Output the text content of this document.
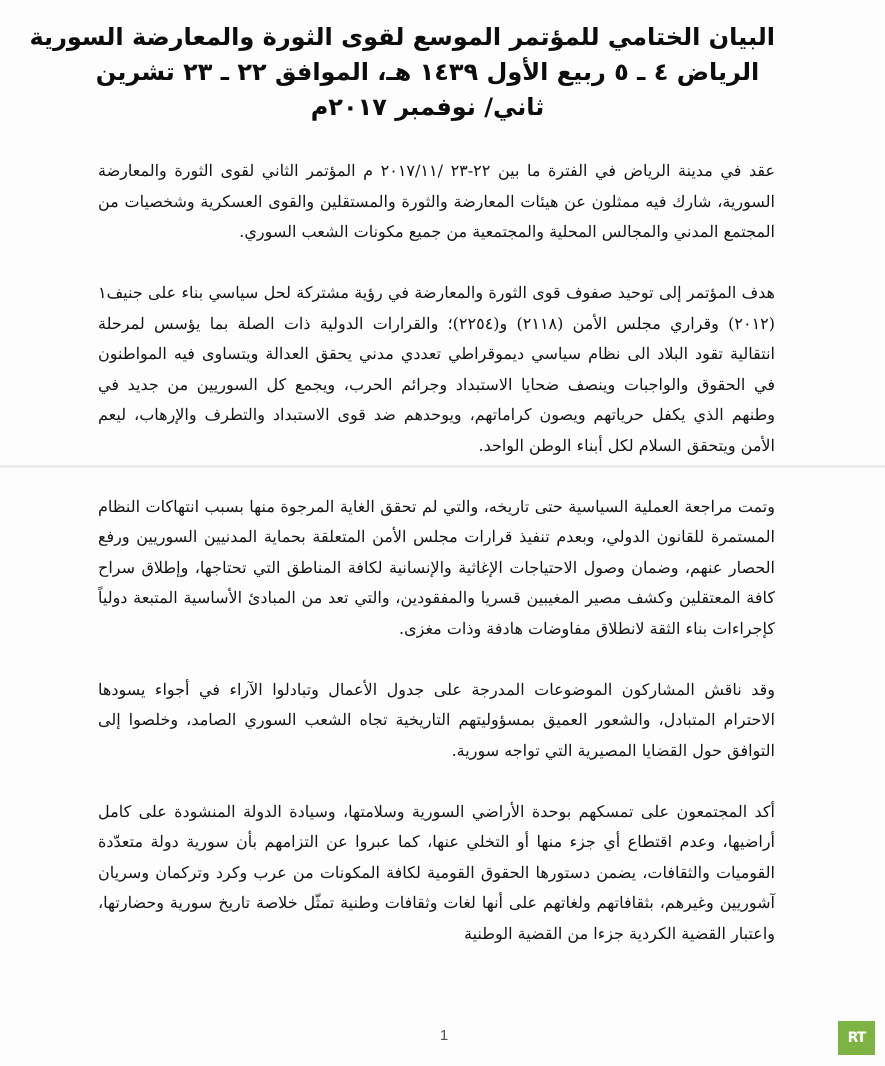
البيان الختامي للمؤتمر الموسع لقوى الثورة والمعارضة السورية
الرياض ٤ ـ ٥ ربيع الأول ١٤٣٩ هـ، الموافق ٢٢ ـ ٢٣ تشرين
ثاني/ نوفمبر ٢٠١٧م

عقد في مدينة الرياض في الفترة ما بين ٢٢-٢٣ /٢٠١٧/١١ م المؤتمر الثاني لقوى الثورة والمعارضة السورية، شارك فيه ممثلون عن هيئات المعارضة والثورة والمستقلين والقوى العسكرية وشخصيات من المجتمع المدني والمجالس المحلية والمجتمعية من جميع مكونات الشعب السوري.

هدف المؤتمر إلى توحيد صفوف قوى الثورة والمعارضة في رؤية مشتركة لحل سياسي بناء على جنيف١ (٢٠١٢) وقراري مجلس الأمن (٢١١٨) و(٢٢٥٤)؛ والقرارات الدولية ذات الصلة بما يؤسس لمرحلة انتقالية تقود البلاد الى نظام سياسي ديموقراطي تعددي مدني يحقق العدالة ويتساوى فيه المواطنون في الحقوق والواجبات وينصف ضحايا الاستبداد وجرائم الحرب، ويجمع كل السوريين من جديد في وطنهم الذي يكفل حرياتهم ويصون كراماتهم، ويوحدهم ضد قوى الاستبداد والتطرف والإرهاب، ليعم الأمن ويتحقق السلام لكل أبناء الوطن الواحد.

وتمت مراجعة العملية السياسية حتى تاريخه، والتي لم تحقق الغاية المرجوة منها بسبب انتهاكات النظام المستمرة للقانون الدولي، وبعدم تنفيذ قرارات مجلس الأمن المتعلقة بحماية المدنيين السوريين ورفع الحصار عنهم، وضمان وصول الاحتياجات الإغاثية والإنسانية لكافة المناطق التي تحتاجها، وإطلاق سراح كافة المعتقلين وكشف مصير المغيبين قسريا والمفقودين، والتي تعد من المبادئ الأساسية المتبعة دولياً كإجراءات بناء الثقة لانطلاق مفاوضات هادفة وذات مغزى.

وقد ناقش المشاركون الموضوعات المدرجة على جدول الأعمال وتبادلوا الآراء في أجواء يسودها الاحترام المتبادل، والشعور العميق بمسؤوليتهم التاريخية تجاه الشعب السوري الصامد، وخلصوا إلى التوافق حول القضايا المصيرية التي تواجه سورية.

أكد المجتمعون على تمسكهم بوحدة الأراضي السورية وسلامتها، وسيادة الدولة المنشودة على كامل أراضيها، وعدم اقتطاع أي جزء منها أو التخلي عنها، كما عبروا عن التزامهم بأن سورية دولة متعدّدة القوميات والثقافات، يضمن دستورها الحقوق القومية لكافة المكونات من عرب وكرد وتركمان وسريان آشوريين وغيرهم، بثقافاتهم ولغاتهم على أنها لغات وثقافات وطنية تمثّل خلاصة تاريخ سورية وحضارتها، واعتبار القضية الكردية جزءا من القضية الوطنية

1	RT
